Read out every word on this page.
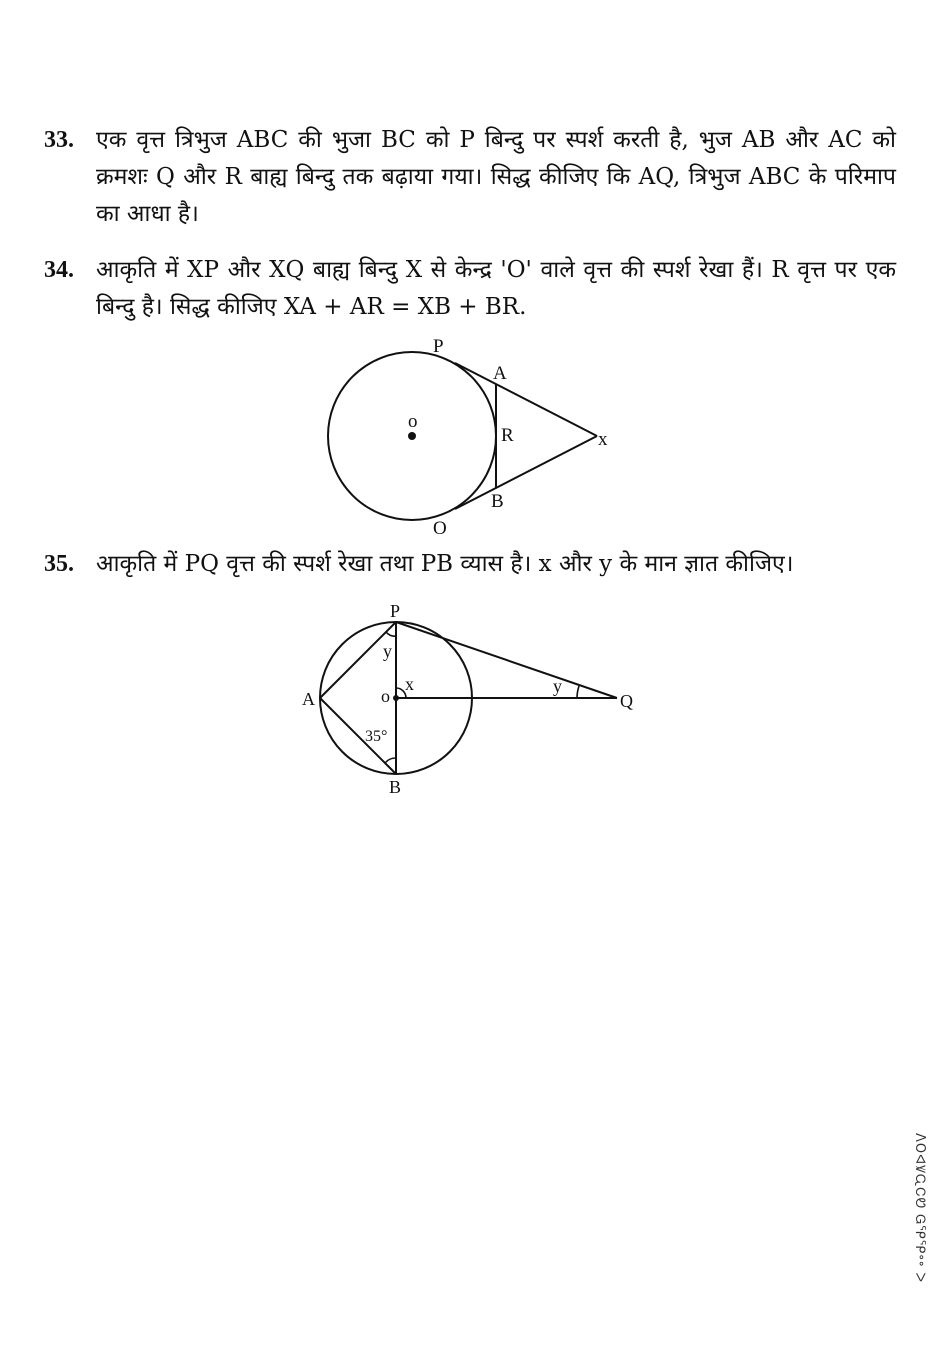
33. एक वृत्त त्रिभुज ABC की भुजा BC को P बिन्दु पर स्पर्श करती है, भुज AB और AC को क्रमशः Q और R बाह्य बिन्दु तक बढ़ाया गया। सिद्ध कीजिए कि AQ, त्रिभुज ABC के परिमाप का आधा है।
34. आकृति में XP और XQ बाह्य बिन्दु X से केन्द्र 'O' वाले वृत्त की स्पर्श रेखा हैं। R वृत्त पर एक बिन्दु है। सिद्ध कीजिए XA + AR = XB + BR.
P
A
o
R	x
B
O
35. आकृति में PQ वृत्त की स्पर्श रेखा तथा PB व्यास है। x और y के मान ज्ञात कीजिए।
P
y
A	o
x	y
Q
35°
B
ΛΟᐊꝞᏩᏟᏬ Ꮐᕿᕿ॰॰ ᐳ
